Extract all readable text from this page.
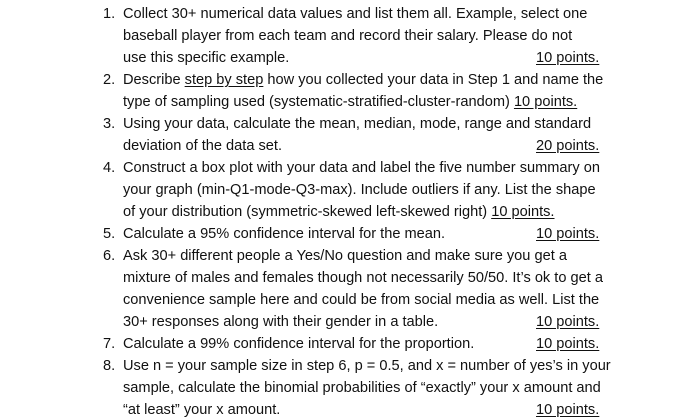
1. Collect 30+ numerical data values and list them all. Example, select one
baseball player from each team and record their salary. Please do not
use this specific example.	10 points.
2. Describe step by step how you collected your data in Step 1 and name the
type of sampling used (systematic-stratified-cluster-random) 10 points.
3. Using your data, calculate the mean, median, mode, range and standard
deviation of the data set.	20 points.
4. Construct a box plot with your data and label the five number summary on
your graph (min-Q1-mode-Q3-max). Include outliers if any. List the shape
of your distribution (symmetric-skewed left-skewed right) 10 points.
5. Calculate a 95% confidence interval for the mean.	10 points.
6. Ask 30+ different people a Yes/No question and make sure you get a
mixture of males and females though not necessarily 50/50. It’s ok to get a
convenience sample here and could be from social media as well. List the
30+ responses along with their gender in a table.	10 points.
7. Calculate a 99% confidence interval for the proportion.	10 points.
8. Use n = your sample size in step 6, p = 0.5, and x = number of yes’s in your
sample, calculate the binomial probabilities of “exactly” your x amount and
“at least” your x amount.	10 points.
